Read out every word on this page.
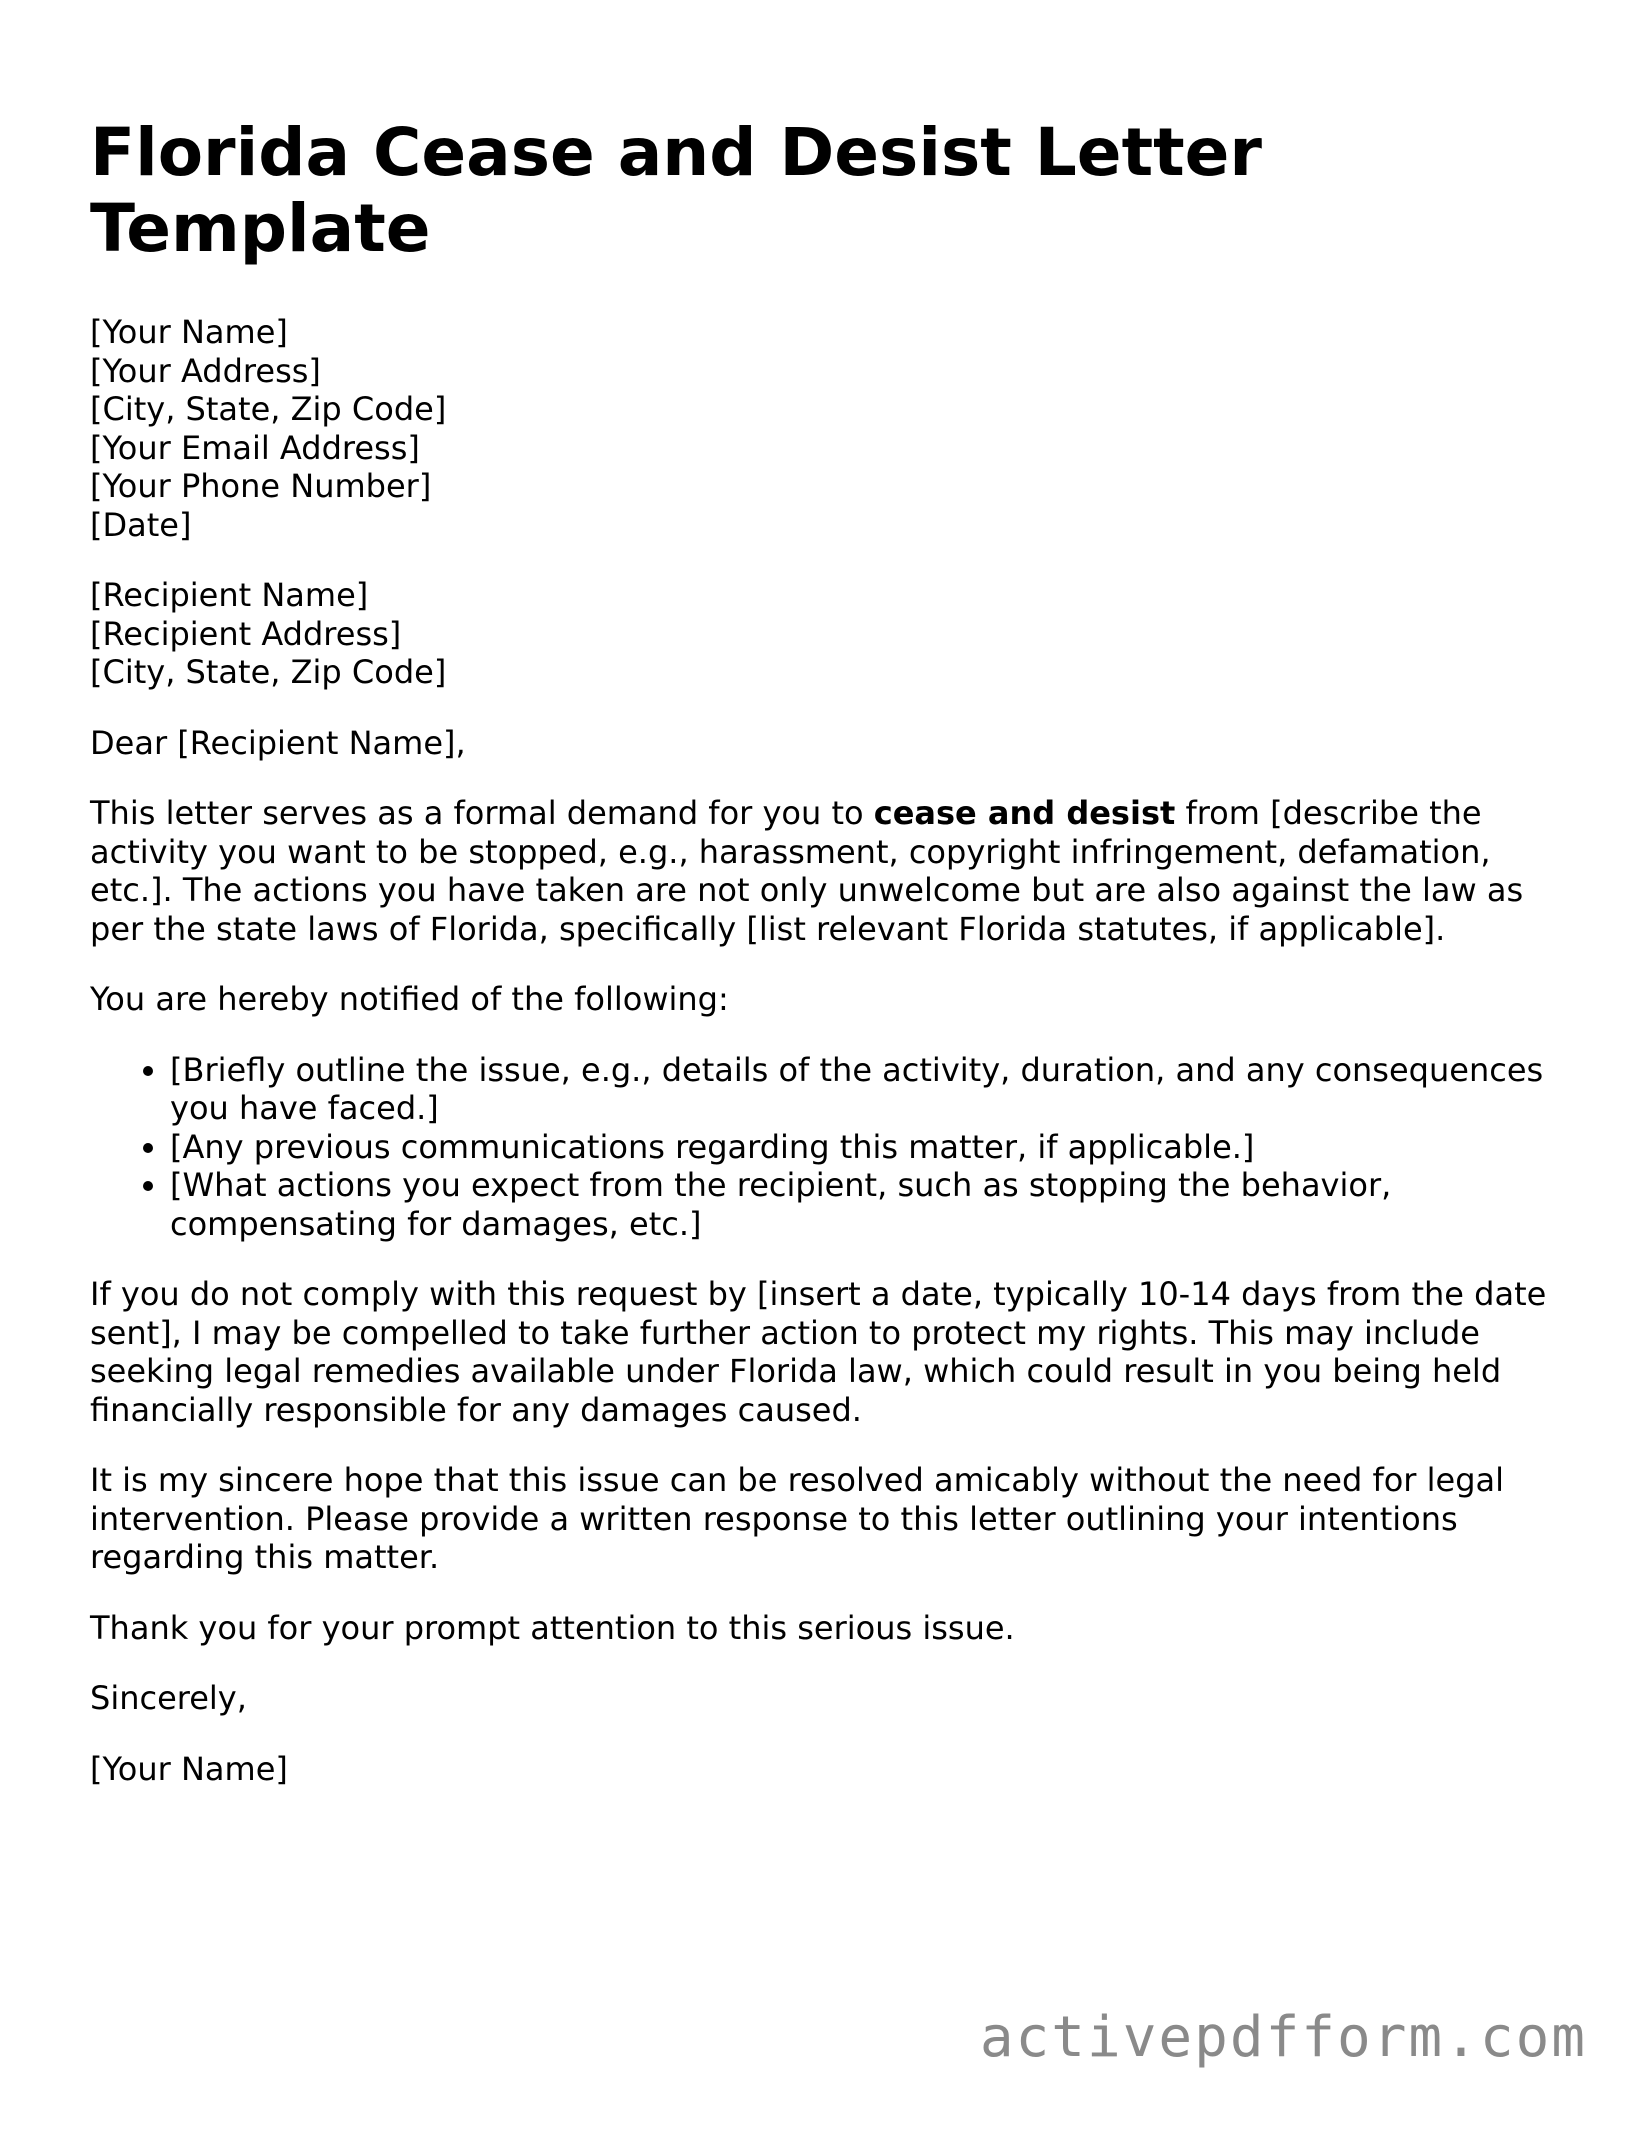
Florida Cease and Desist Letter Template
[Your Name]
[Your Address]
[City, State, Zip Code]
[Your Email Address]
[Your Phone Number]
[Date]
[Recipient Name]
[Recipient Address]
[City, State, Zip Code]

Dear [Recipient Name],

This letter serves as a formal demand for you to cease and desist from [describe the activity you want to be stopped, e.g., harassment, copyright infringement, defamation, etc.]. The actions you have taken are not only unwelcome but are also against the law as per the state laws of Florida, specifically [list relevant Florida statutes, if applicable].

You are hereby notified of the following:

• [Briefly outline the issue, e.g., details of the activity, duration, and any consequences you have faced.]
• [Any previous communications regarding this matter, if applicable.]
• [What actions you expect from the recipient, such as stopping the behavior, compensating for damages, etc.]

If you do not comply with this request by [insert a date, typically 10-14 days from the date sent], I may be compelled to take further action to protect my rights. This may include seeking legal remedies available under Florida law, which could result in you being held financially responsible for any damages caused.

It is my sincere hope that this issue can be resolved amicably without the need for legal intervention. Please provide a written response to this letter outlining your intentions regarding this matter.

Thank you for your prompt attention to this serious issue.

Sincerely,

[Your Name]

activepdfform.com
